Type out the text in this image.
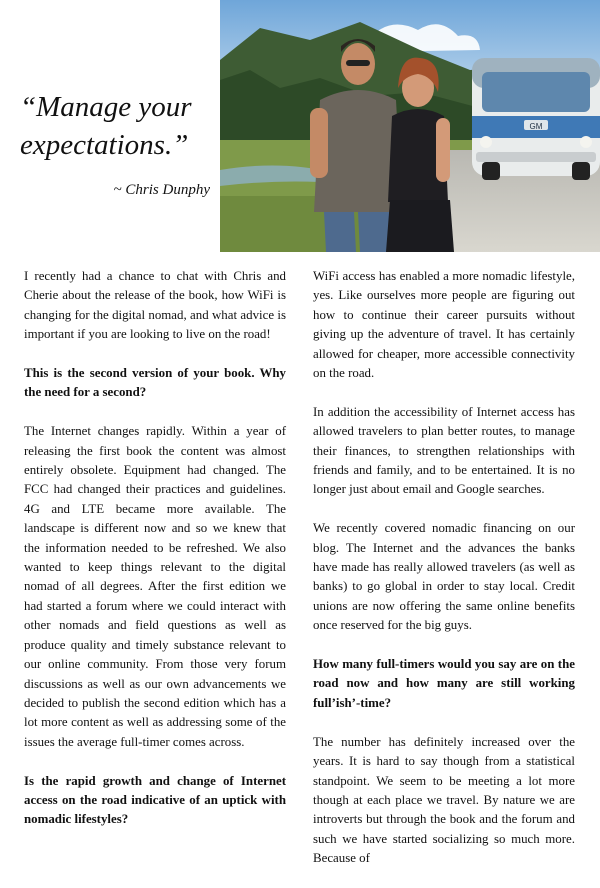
“Manage your
expectations.”

~ Chris Dunphy
GM

I recently had a chance to chat with Chris and Cherie about the release of the book, how WiFi is changing for the digital nomad, and what advice is important if you are looking to live on the road!

This is the second version of your book. Why the need for a second?

The Internet changes rapidly. Within a year of releasing the first book the content was almost entirely obsolete. Equipment had changed. The FCC had changed their practices and guidelines. 4G and LTE became more available. The landscape is different now and so we knew that the information needed to be refreshed. We also wanted to keep things relevant to the digital nomad of all degrees. After the first edition we had started a forum where we could interact with other nomads and field questions as well as produce quality and timely substance relevant to our online community. From those very forum discussions as well as our own advancements we decided to publish the second edition which has a lot more content as well as addressing some of the issues the average full-timer comes across.

Is the rapid growth and change of Internet access on the road indicative of an uptick with nomadic lifestyles?

WiFi access has enabled a more nomadic lifestyle, yes. Like ourselves more people are figuring out how to continue their career pursuits without giving up the adventure of travel. It has certainly allowed for cheaper, more accessible connectivity on the road.

In addition the accessibility of Internet access has allowed travelers to plan better routes, to manage their finances, to strengthen relationships with friends and family, and to be entertained. It is no longer just about email and Google searches.

We recently covered nomadic financing on our blog. The Internet and the advances the banks have made has really allowed travelers (as well as banks) to go global in order to stay local. Credit unions are now offering the same online benefits once reserved for the big guys.

How many full-timers would you say are on the road now and how many are still working full’ish’-time?

The number has definitely increased over the years. It is hard to say though from a statistical standpoint. We seem to be meeting a lot more though at each place we travel. By nature we are introverts but through the book and the forum and such we have started socializing so much more. Because of
